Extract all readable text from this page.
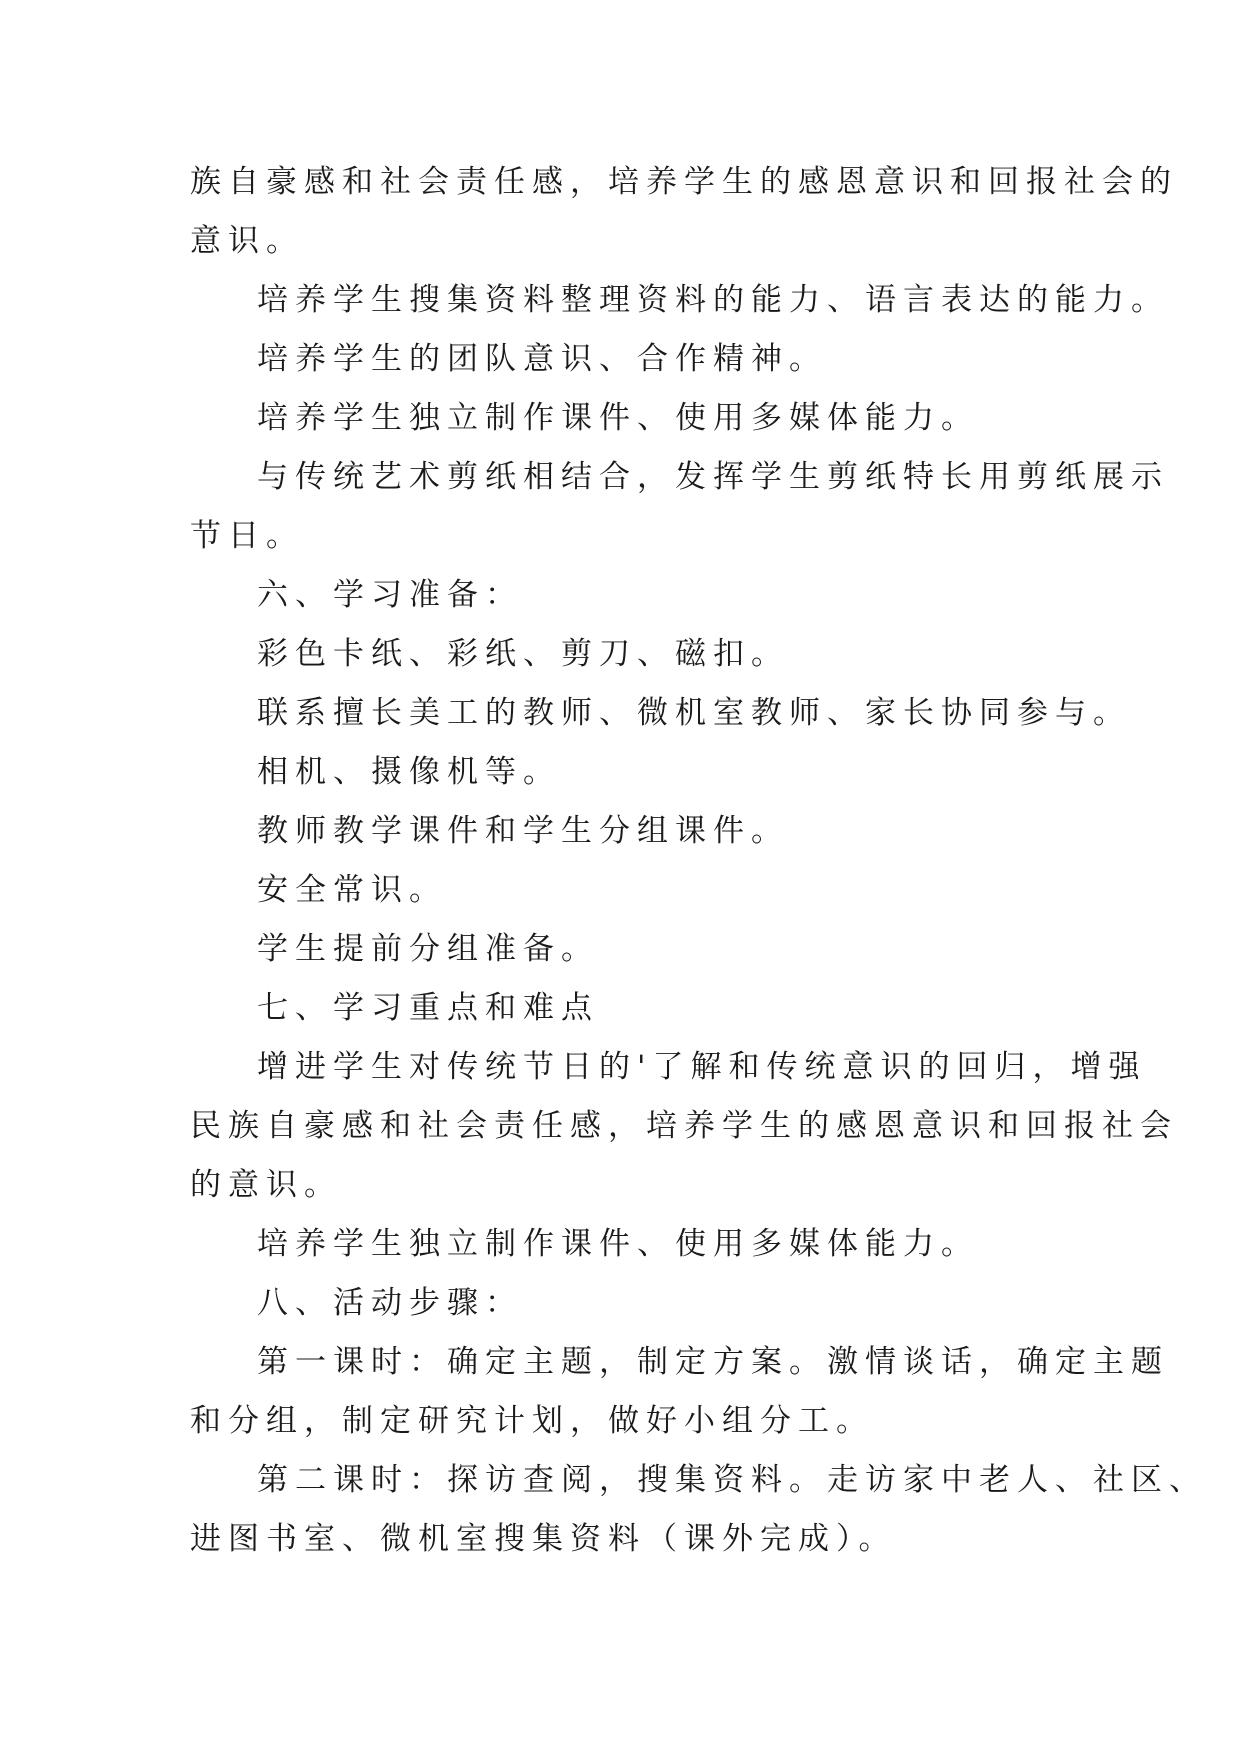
族自豪感和社会责任感，培养学生的感恩意识和回报社会的
意识。
培养学生搜集资料整理资料的能力、语言表达的能力。
培养学生的团队意识、合作精神。
培养学生独立制作课件、使用多媒体能力。
与传统艺术剪纸相结合，发挥学生剪纸特长用剪纸展示
节日。
六、学习准备：
彩色卡纸、彩纸、剪刀、磁扣。
联系擅长美工的教师、微机室教师、家长协同参与。
相机、摄像机等。
教师教学课件和学生分组课件。
安全常识。
学生提前分组准备。
七、学习重点和难点
增进学生对传统节日的'了解和传统意识的回归，增强
民族自豪感和社会责任感，培养学生的感恩意识和回报社会
的意识。
培养学生独立制作课件、使用多媒体能力。
八、活动步骤：
第一课时：确定主题，制定方案。激情谈话，确定主题
和分组，制定研究计划，做好小组分工。
第二课时：探访查阅，搜集资料。走访家中老人、社区、
进图书室、微机室搜集资料（课外完成）。
